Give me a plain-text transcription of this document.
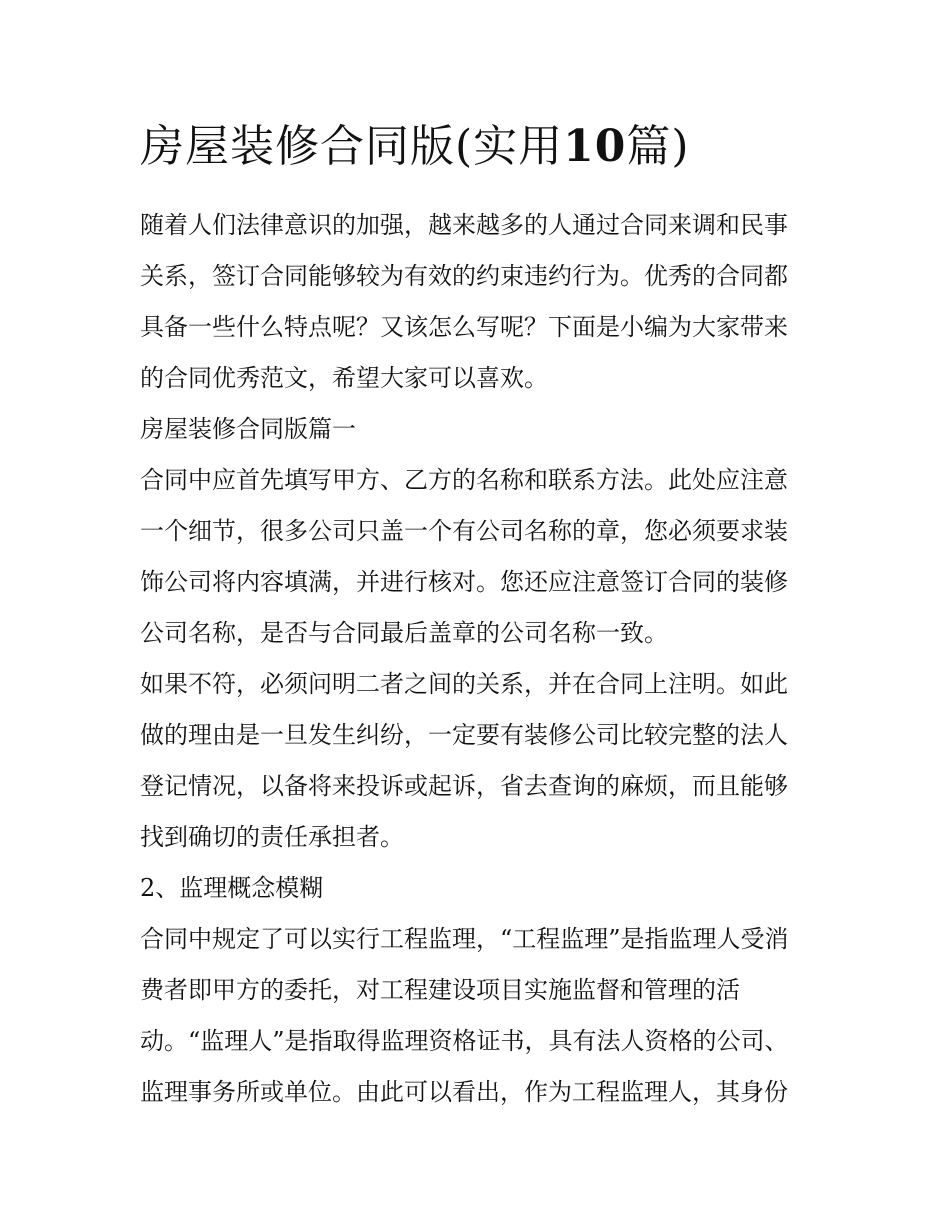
房屋装修合同版(实用10篇)

随着人们法律意识的加强，越来越多的人通过合同来调和民事
关系，签订合同能够较为有效的约束违约行为。优秀的合同都
具备一些什么特点呢？又该怎么写呢？下面是小编为大家带来
的合同优秀范文，希望大家可以喜欢。

房屋装修合同版篇一

合同中应首先填写甲方、乙方的名称和联系方法。此处应注意
一个细节，很多公司只盖一个有公司名称的章，您必须要求装
饰公司将内容填满，并进行核对。您还应注意签订合同的装修
公司名称，是否与合同最后盖章的公司名称一致。

如果不符，必须问明二者之间的关系，并在合同上注明。如此
做的理由是一旦发生纠纷，一定要有装修公司比较完整的法人
登记情况，以备将来投诉或起诉，省去查询的麻烦，而且能够
找到确切的责任承担者。

2、监理概念模糊

合同中规定了可以实行工程监理，“工程监理”是指监理人受消
费者即甲方的委托，对工程建设项目实施监督和管理的活
动。“监理人”是指取得监理资格证书，具有法人资格的公司、
监理事务所或单位。由此可以看出，作为工程监理人，其身份
